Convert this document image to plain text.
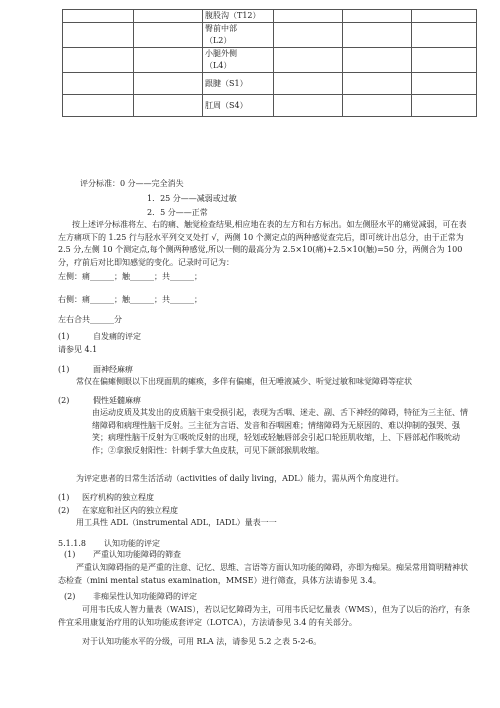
		腹股沟（T12）			

		臀前中部
（L2）			

		小腿外侧
（L4）			

		跟腱（S1）			
		肛周（S4）			
评分标准：0 分——完全消失
1．25 分——减弱或过敏
2．5 分——正常
按上述评分标准将左、右的痛、触觉检查结果,相应地在表的左方和右方标出。如左侧胫水平的痛觉减弱，可在表左方痛项下的 1.25 行与胫水平列交叉处打 √，两侧 10 个测定点的两种感觉查完后，即可统计出总分，由于正常为 2.5 分,左侧 10 个测定点,每个侧两种感觉,所以一侧的最高分为 2.5×10(痛)+2.5×10(触)=50 分，两侧合为 100 分，疗前后对比即知感觉的变化。记录时可记为：
左侧：痛______；触______；共______；
右侧：痛______；触______；共______；
左右合共______分
(1)	自发痛的评定
请参见 4.1
(1)	面神经麻痹
常仅在偏瘫侧眼以下出现面肌的瘫痪，多伴有偏瘫，但无唾液减少、听觉过敏和味觉障碍等症状
(2)	假性延髓麻痹
由运动皮质及其发出的皮质脑干束受损引起，表现为舌咽、迷走、副、舌下神经的障碍，特征为三主征、情绪障碍和病理性脑干反射。三主征为言语、发音和吞咽困难；情绪障碍为无原因的、难以抑制的强哭、强笑；病理性脑干反射为①吸吮反射的出现，轻划或轻触唇部会引起口轮匝肌收缩，上、下唇部起作吸吮动作；②拿猴反射阳性：针刺手掌大鱼皮肤，可见下颌部猴肌收缩。
为评定患者的日常生活活动（activities of daily living，ADL）能力，需从两个角度进行。
(1) 医疗机构的独立程度
(2) 在家庭和社区内的独立程度
用工具性 ADL（instrumental ADL，IADL）量表一一
5.1.1.8 认知功能的评定
(1) 严重认知功能障碍的筛查
严重认知障碍指的是严重的注意、记忆、思维、言语等方面认知功能的障碍，亦即为痴呆。痴呆常用简明精神状态检查（mini mental status examination，MMSE）进行筛查，具体方法请参见 3.4。
(2) 非痴呆性认知功能障碍的评定
可用韦氏成人智力量表（WAIS），若以记忆障碍为主，可用韦氏记忆量表（WMS），但为了以后的治疗，有条件宜采用康复治疗用的认知功能成套评定（LOTCA），方法请参见 3.4 的有关部分。
对于认知功能水平的分级，可用 RLA 法，请参见 5.2 之表 5-2-6。
